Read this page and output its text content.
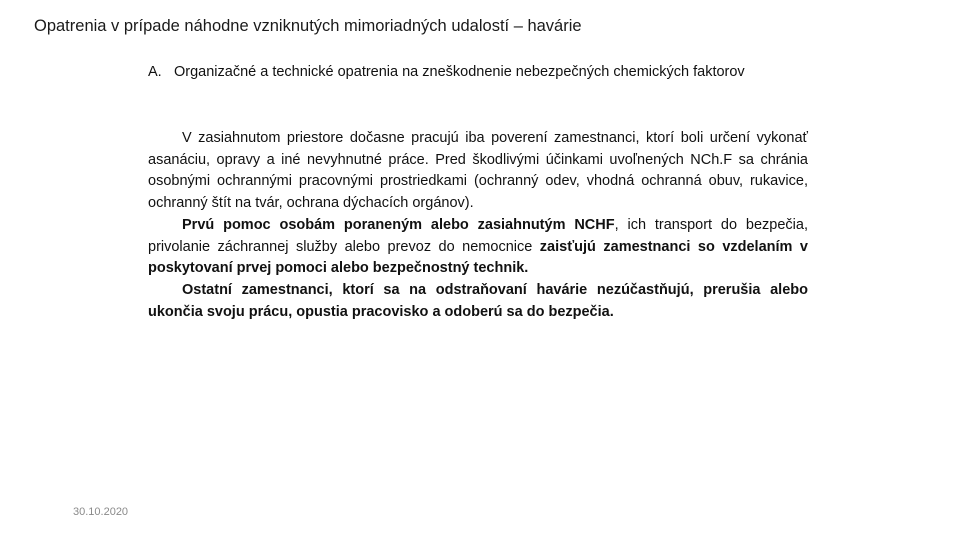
Opatrenia v prípade náhodne vzniknutých mimoriadných udalostí – havárie
A. Organizačné a technické opatrenia na zneškodnenie nebezpečných chemických faktorov

V zasiahnutom priestore dočasne pracujú iba poverení zamestnanci, ktorí boli určení vykonať asanáciu, opravy a iné nevyhnutné práce. Pred škodlivými účinkami uvoľnených NCh.F sa chránia osobnými ochrannými pracovnými prostriedkami (ochranný odev, vhodná ochranná obuv, rukavice, ochranný štít na tvár, ochrana dýchacích orgánov).

Prvú pomoc osobám poraneným alebo zasiahnutým NCHF, ich transport do bezpečia, privolanie záchrannej služby alebo prevoz do nemocnice zaisťujú zamestnanci so vzdelaním v poskytovaní prvej pomoci alebo bezpečnostný technik.

Ostatní zamestnanci, ktorí sa na odstraňovaní havárie nezúčastňujú, prerušia alebo ukončia svoju prácu, opustia pracovisko a odoberú sa do bezpečia.

30.10.2020
